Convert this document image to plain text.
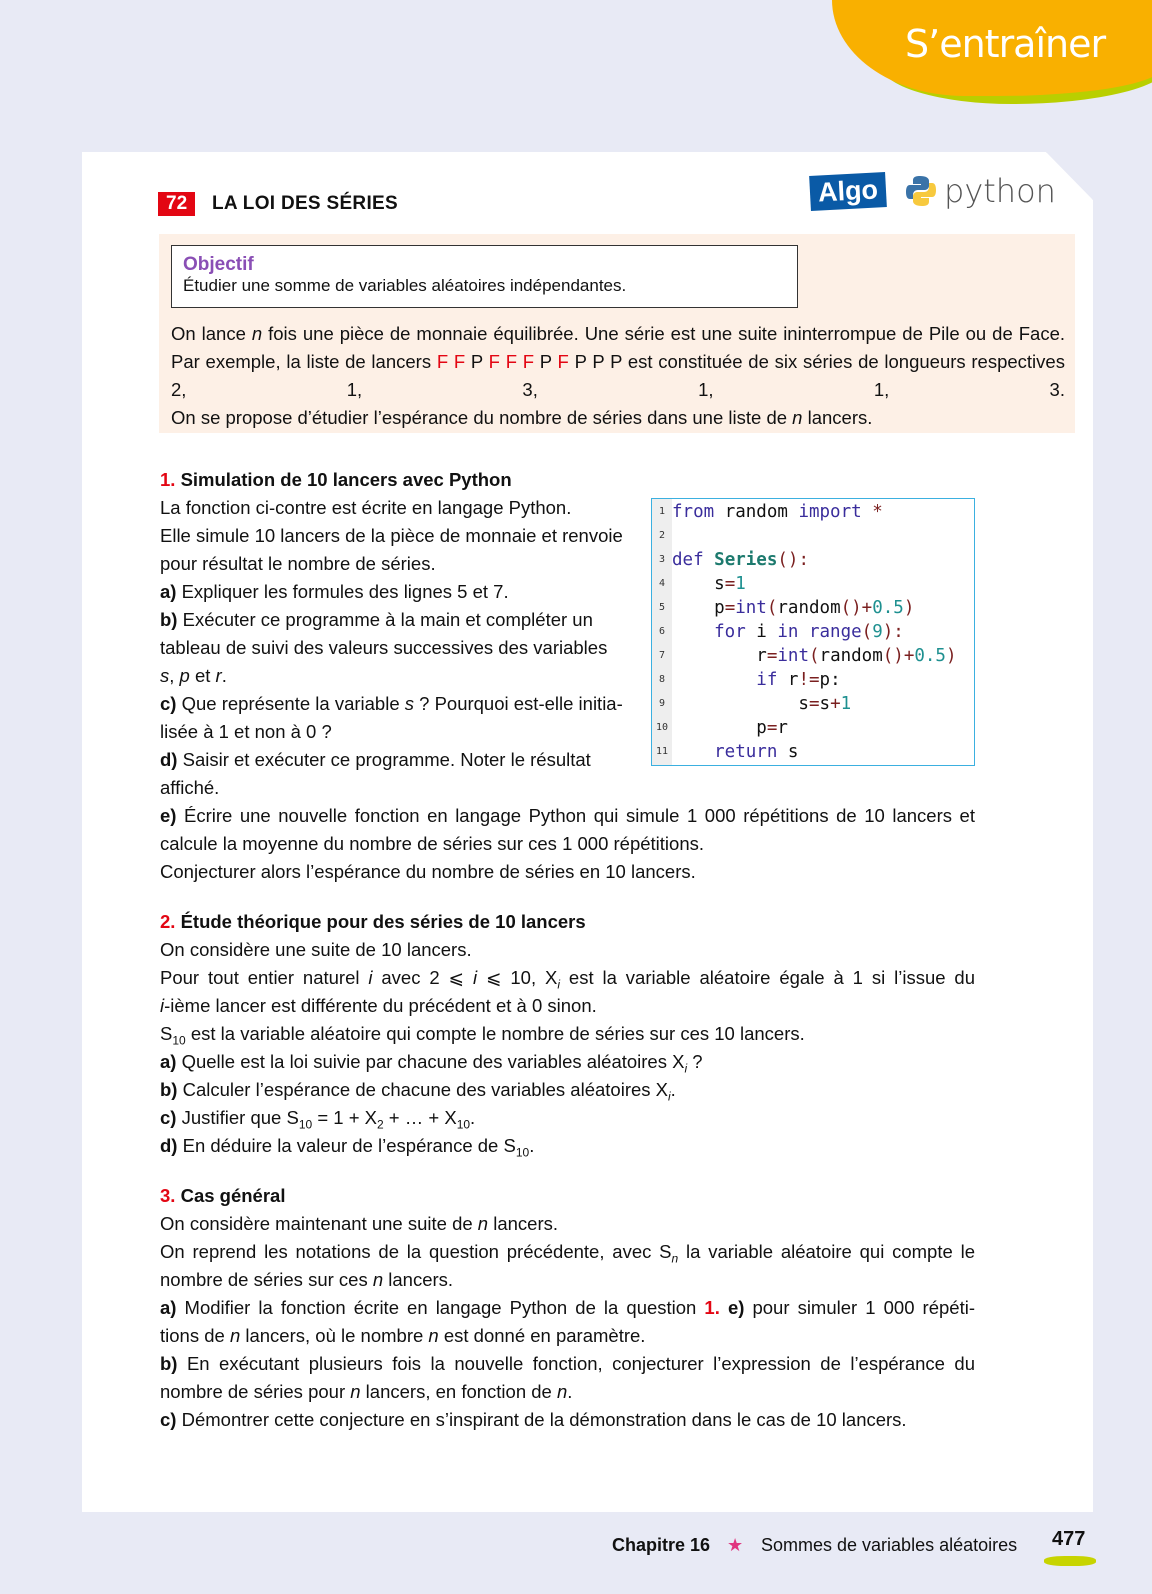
S’entraîner
72	LA LOI DES SÉRIES	Algo python
Objectif
Étudier une somme de variables aléatoires indépendantes.
On lance n fois une pièce de monnaie équilibrée. Une série est une suite ininterrompue de Pile ou de Face.
Par exemple, la liste de lancers F F P F F F P F P P P est constituée de six séries de longueurs respectives
2, 1, 3, 1, 1, 3.
On se propose d’étudier l’espérance du nombre de séries dans une liste de n lancers.
1. Simulation de 10 lancers avec Python
La fonction ci-contre est écrite en langage Python.
Elle simule 10 lancers de la pièce de monnaie et renvoie
pour résultat le nombre de séries.
a) Expliquer les formules des lignes 5 et 7.
b) Exécuter ce programme à la main et compléter un
tableau de suivi des valeurs successives des variables
s, p et r.
c) Que représente la variable s ? Pourquoi est-elle initia-
lisée à 1 et non à 0 ?
d) Saisir et exécuter ce programme. Noter le résultat
affiché.
e) Écrire une nouvelle fonction en langage Python qui simule 1 000 répétitions de 10 lancers et
calcule la moyenne du nombre de séries sur ces 1 000 répétitions.
Conjecturer alors l’espérance du nombre de séries en 10 lancers.
2. Étude théorique pour des séries de 10 lancers
On considère une suite de 10 lancers.
Pour tout entier naturel i avec 2 ⩽ i ⩽ 10, $X_i$ est la variable aléatoire égale à 1 si l’issue du
i-ième lancer est différente du précédent et à 0 sinon.
$S_{10}$ est la variable aléatoire qui compte le nombre de séries sur ces 10 lancers.
a) Quelle est la loi suivie par chacune des variables aléatoires $X_i$ ?
b) Calculer l’espérance de chacune des variables aléatoires $X_i$.
c) Justifier que $S_{10} = 1 + X_2$ + … + $X_{10}$.
d) En déduire la valeur de l’espérance de $S_{10}$.
3. Cas général
On considère maintenant une suite de n lancers.
On reprend les notations de la question précédente, avec $S_n$ la variable aléatoire qui compte le
nombre de séries sur ces n lancers.
a) Modifier la fonction écrite en langage Python de la question 1. e) pour simuler 1 000 répéti-
tions de n lancers, où le nombre n est donné en paramètre.
b) En exécutant plusieurs fois la nouvelle fonction, conjecturer l’expression de l’espérance du
nombre de séries pour n lancers, en fonction de n.
c) Démontrer cette conjecture en s’inspirant de la démonstration dans le cas de 10 lancers.
1 from random import *
2
3 def Series():
4    s=1
5    p=int(random()+0.5)
6    for i in range(9):
7        r=int(random()+0.5)
8        if r!=p:
9            s=s+1
10        p=r
11    return s
Chapitre 16 ★ Sommes de variables aléatoires 477
